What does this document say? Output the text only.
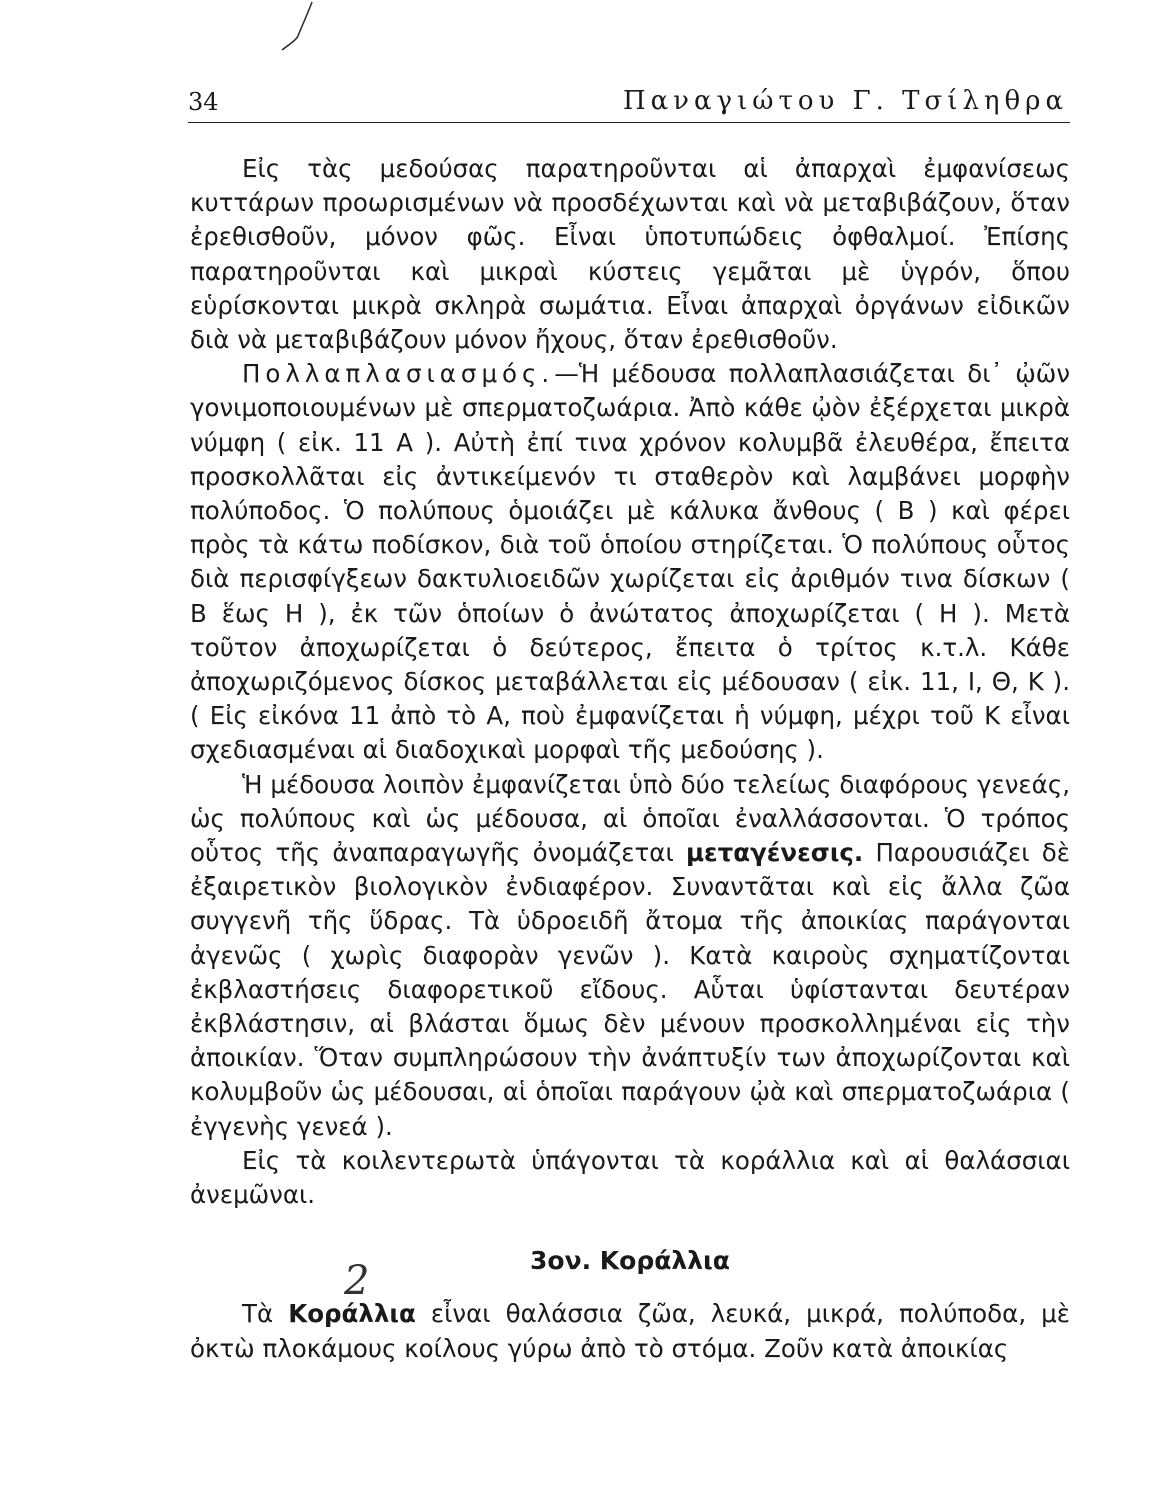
34	Παναγιώτου Γ. Τσίληθρα

Εἰς τὰς μεδούσας παρατηροῦνται αἱ ἀπαρχαὶ ἐμφανίσεως κυττάρων προωρισμένων νὰ προσδέχωνται καὶ νὰ μεταβιβάζουν, ὅταν ἐρεθισθοῦν, μόνον φῶς. Εἶναι ὑποτυπώδεις ὀφθαλμοί. Ἐπίσης παρατηροῦνται καὶ μικραὶ κύστεις γεμᾶται μὲ ὑγρόν, ὅπου εὑρίσκονται μικρὰ σκληρὰ σωμάτια. Εἶναι ἀπαρχαὶ ὀργάνων εἰδικῶν διὰ νὰ μεταβιβάζουν μόνον ἤχους, ὅταν ἐρεθισθοῦν.

Πολλαπλασιασμός.—Ἡ μέδουσα πολλαπλασιάζεται δι᾽ ᾠῶν γονιμοποιουμένων μὲ σπερματοζωάρια. Ἀπὸ κάθε ᾠὸν ἐξέρχεται μικρὰ νύμφη ( εἰκ. 11 Α ). Αὐτὴ ἐπί τινα χρόνον κολυμβᾶ ἐλευθέρα, ἔπειτα προσκολλᾶται εἰς ἀντικείμενόν τι σταθερὸν καὶ λαμβάνει μορφὴν πολύποδος. Ὁ πολύπους ὁμοιάζει μὲ κάλυκα ἄνθους ( Β ) καὶ φέρει πρὸς τὰ κάτω ποδίσκον, διὰ τοῦ ὁποίου στηρίζεται. Ὁ πολύπους οὗτος διὰ περισφίγξεων δακτυλιοειδῶν χωρίζεται εἰς ἀριθμόν τινα δίσκων ( Β ἕως Η ), ἐκ τῶν ὁποίων ὁ ἀνώτατος ἀποχωρίζεται ( Η ). Μετὰ τοῦτον ἀποχωρίζεται ὁ δεύτερος, ἔπειτα ὁ τρίτος κ.τ.λ. Κάθε ἀποχωριζόμενος δίσκος μεταβάλλεται εἰς μέδουσαν ( εἰκ. 11, Ι, Θ, Κ ). ( Εἰς εἰκόνα 11 ἀπὸ τὸ Α, ποὺ ἐμφανίζεται ἡ νύμφη, μέχρι τοῦ Κ εἶναι σχεδιασμέναι αἱ διαδοχικαὶ μορφαὶ τῆς μεδούσης ).

Ἡ μέδουσα λοιπὸν ἐμφανίζεται ὑπὸ δύο τελείως διαφόρους γενεάς, ὡς πολύπους καὶ ὡς μέδουσα, αἱ ὁποῖαι ἐναλλάσσονται. Ὁ τρόπος οὗτος τῆς ἀναπαραγωγῆς ὀνομάζεται μεταγένεσις. Παρουσιάζει δὲ ἐξαιρετικὸν βιολογικὸν ἐνδιαφέρον. Συναντᾶται καὶ εἰς ἄλλα ζῶα συγγενῆ τῆς ὕδρας. Τὰ ὑδροειδῆ ἄτομα τῆς ἀποικίας παράγονται ἀγενῶς ( χωρὶς διαφορὰν γενῶν ). Κατὰ καιροὺς σχηματίζονται ἐκβλαστήσεις διαφορετικοῦ εἴδους. Αὗται ὑφίστανται δευτέραν ἐκβλάστησιν, αἱ βλάσται ὅμως δὲν μένουν προσκολλημέναι εἰς τὴν ἀποικίαν. Ὅταν συμπληρώσουν τὴν ἀνάπτυξίν των ἀποχωρίζονται καὶ κολυμβοῦν ὡς μέδουσαι, αἱ ὁποῖαι παράγουν ᾠὰ καὶ σπερματοζωάρια ( ἐγγενὴς γενεά ).

Εἰς τὰ κοιλεντερωτὰ ὑπάγονται τὰ κοράλλια καὶ αἱ θαλάσσιαι ἀνεμῶναι.

3ον. Κοράλλια

Τὰ Κοράλλια εἶναι θαλάσσια ζῶα, λευκά, μικρά, πολύποδα, μὲ ὀκτὼ πλοκάμους κοίλους γύρω ἀπὸ τὸ στόμα. Ζοῦν κατὰ ἀποικίας

2
